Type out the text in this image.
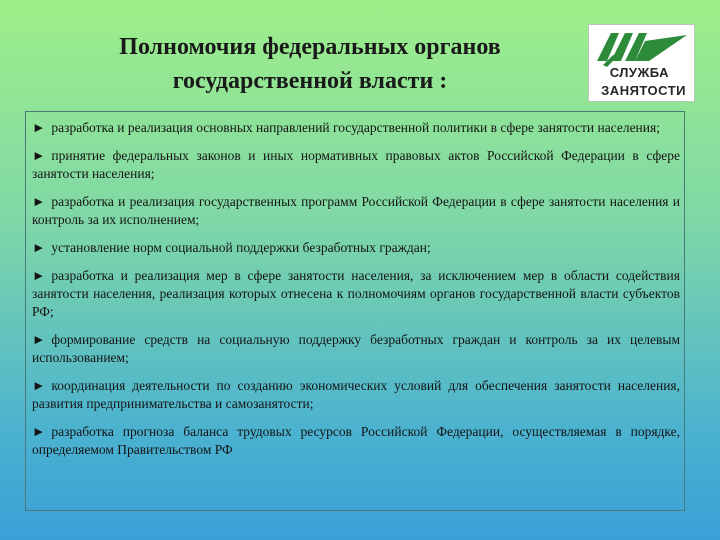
Полномочия федеральных органов
государственной власти :	СЛУЖБА
ЗАНЯТОСТИ
► разработка и реализация основных направлений государственной политики в сфере занятости населения;
► принятие федеральных законов и иных нормативных правовых актов Российской Федерации в сфере занятости населения;
► разработка и реализация государственных программ Российской Федерации в сфере занятости населения и контроль за их исполнением;
► установление норм социальной поддержки безработных граждан;
► разработка и реализация мер в сфере занятости населения, за исключением мер в области содействия занятости населения, реализация которых отнесена к полномочиям органов государственной власти субъектов РФ;
► формирование средств на социальную поддержку безработных граждан и контроль за их целевым использованием;
► координация деятельности по созданию экономических условий для обеспечения занятости населения, развития предпринимательства и самозанятости;
► разработка прогноза баланса трудовых ресурсов Российской Федерации, осуществляемая в порядке, определяемом Правительством РФ
